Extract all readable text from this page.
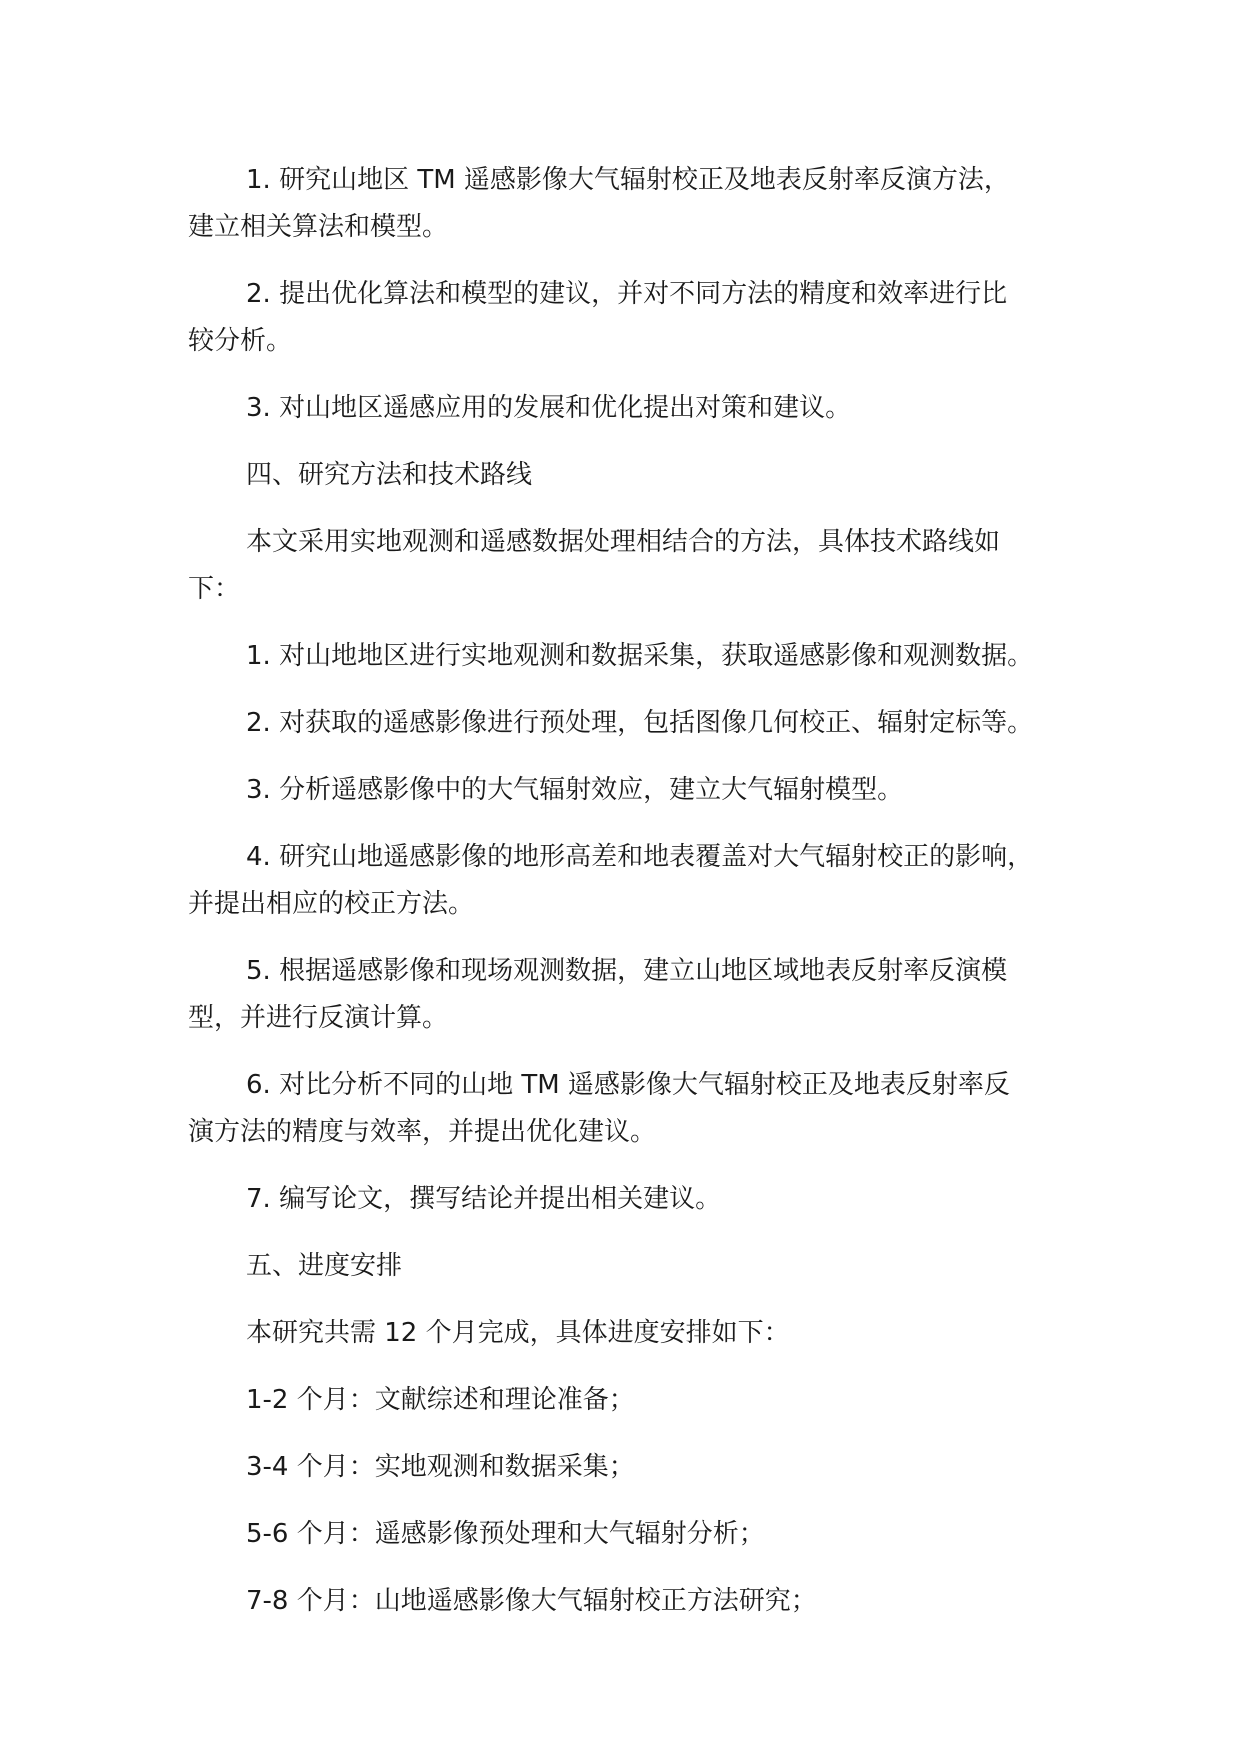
1. 研究山地区 TM 遥感影像大气辐射校正及地表反射率反演方法，
建立相关算法和模型。

2. 提出优化算法和模型的建议，并对不同方法的精度和效率进行比
较分析。

3. 对山地区遥感应用的发展和优化提出对策和建议。

四、研究方法和技术路线

本文采用实地观测和遥感数据处理相结合的方法，具体技术路线如
下：

1. 对山地地区进行实地观测和数据采集，获取遥感影像和观测数据。

2. 对获取的遥感影像进行预处理，包括图像几何校正、辐射定标等。

3. 分析遥感影像中的大气辐射效应，建立大气辐射模型。

4. 研究山地遥感影像的地形高差和地表覆盖对大气辐射校正的影响，
并提出相应的校正方法。

5. 根据遥感影像和现场观测数据，建立山地区域地表反射率反演模
型，并进行反演计算。

6. 对比分析不同的山地 TM 遥感影像大气辐射校正及地表反射率反
演方法的精度与效率，并提出优化建议。

7. 编写论文，撰写结论并提出相关建议。

五、进度安排

本研究共需 12 个月完成，具体进度安排如下：

1-2 个月：文献综述和理论准备；

3-4 个月：实地观测和数据采集；

5-6 个月：遥感影像预处理和大气辐射分析；

7-8 个月：山地遥感影像大气辐射校正方法研究；
